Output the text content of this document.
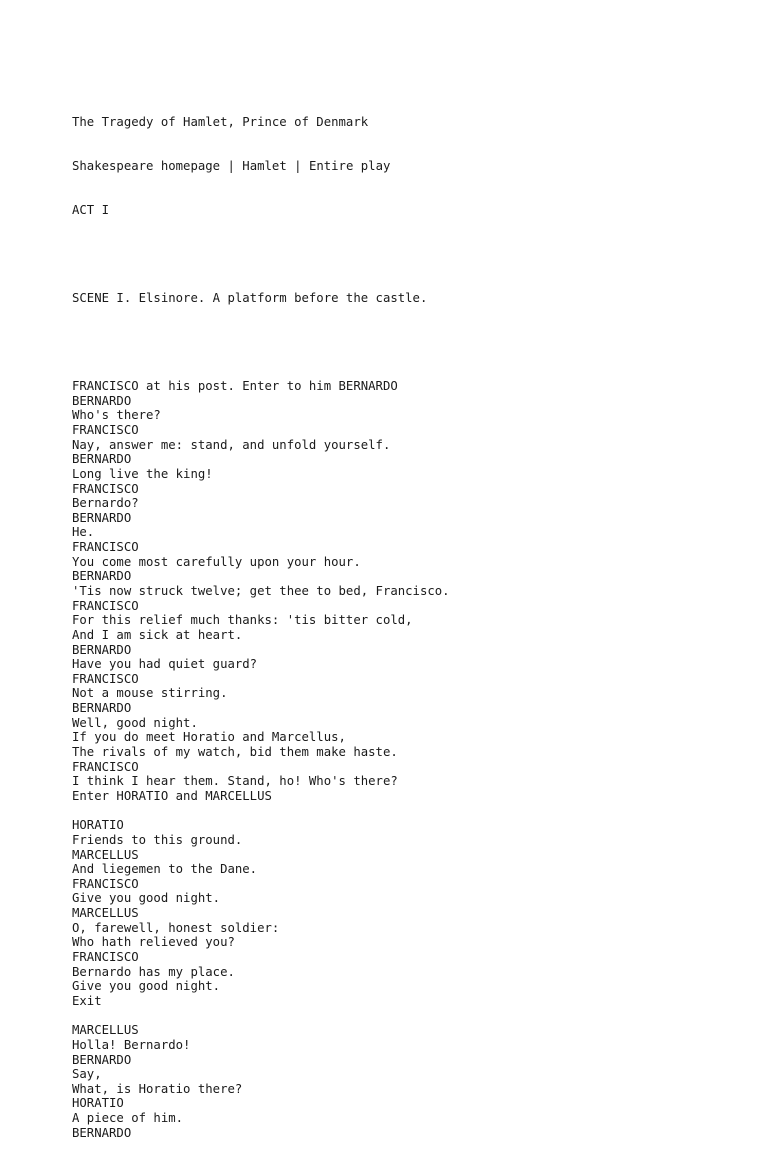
The Tragedy of Hamlet, Prince of Denmark

Shakespeare homepage | Hamlet | Entire play

ACT I

SCENE I. Elsinore. A platform before the castle.

FRANCISCO at his post. Enter to him BERNARDO
BERNARDO
Who's there?
FRANCISCO
Nay, answer me: stand, and unfold yourself.
BERNARDO
Long live the king!
FRANCISCO
Bernardo?
BERNARDO
He.
FRANCISCO
You come most carefully upon your hour.
BERNARDO
'Tis now struck twelve; get thee to bed, Francisco.
FRANCISCO
For this relief much thanks: 'tis bitter cold,
And I am sick at heart.
BERNARDO
Have you had quiet guard?
FRANCISCO
Not a mouse stirring.
BERNARDO
Well, good night.
If you do meet Horatio and Marcellus,
The rivals of my watch, bid them make haste.
FRANCISCO
I think I hear them. Stand, ho! Who's there?
Enter HORATIO and MARCELLUS
HORATIO
Friends to this ground.
MARCELLUS
And liegemen to the Dane.
FRANCISCO
Give you good night.
MARCELLUS
O, farewell, honest soldier:
Who hath relieved you?
FRANCISCO
Bernardo has my place.
Give you good night.
Exit
MARCELLUS
Holla! Bernardo!
BERNARDO
Say,
What, is Horatio there?
HORATIO
A piece of him.
BERNARDO
